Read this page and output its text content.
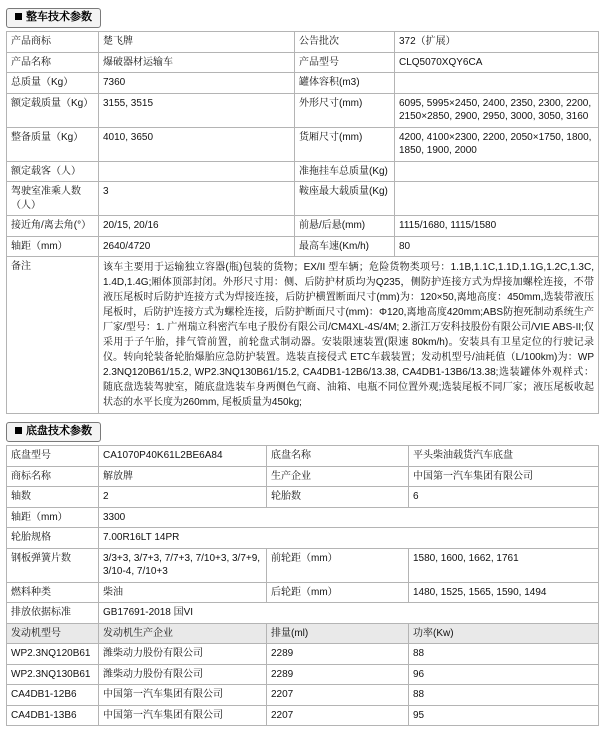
整车技术参数
产品商标	楚飞牌	公告批次	372（扩展）
产品名称	爆破器材运输车	产品型号	CLQ5070XQY6CA
总质量（Kg）	7360	罐体容积(m3)	
额定载质量（Kg）	3155, 3515	外形尺寸(mm)	6095, 5995×2450, 2400, 2350, 2300, 2200, 2150×2850, 2900, 2950, 3000, 3050, 3160
整备质量（Kg）	4010, 3650	货厢尺寸(mm)	4200, 4100×2300, 2200, 2050×1750, 1800, 1850, 1900, 2000
额定载客（人）		准拖挂车总质量(Kg)	
驾驶室准乘人数（人）	3	鞍座最大载质量(Kg)	
接近角/离去角(°）	20/15, 20/16	前悬/后悬(mm)	1115/1680, 1115/1580
轴距（mm）	2640/4720	最高车速(Km/h)	80
备注	该车主要用于运输独立容器(瓶)包装的货物；EX/II 型车辆；危险货物类项号：1.1B,1.1C,1.1D,1.1G,1.2C,1.3C,1.4D,1.4G;厢体顶部封闭。外形尺寸用：侧、后防护材质均为Q235，侧防护连接方式为焊接加螺栓连接，不带液压尾板时后防护连接方式为焊接连接，后防护横置断面尺寸(mm)为：120×50,离地高度：450mm,选装带液压尾板时，后防护连接方式为螺栓连接，后防护断面尺寸(mm)：Φ120,离地高度420mm;ABS防抱死制动系统生产厂家/型号：1. 广州瑞立科密汽车电子股份有限公司/CM4XL-4S/4M; 2.浙江万安科技股份有限公司/VIE ABS-II;仅采用于子午胎，排气管前置，前轮盘式制动器。安装限速装置(限速 80km/h)。安装具有卫星定位的行驶记录仪。转向轮装备轮胎爆胎应急防护装置。选装直接侵式 ETC车载装置；发动机型号/油耗值（L/100km)为：WP2.3NQ120B61/15.2, WP2.3NQ130B61/15.2, CA4DB1-12B6/13.38, CA4DB1-13B6/13.38;选装罐体外观样式：随底盘选装驾驶室，随底盘选装车身两侧色气商、油箱、电瓶不同位置外观;选装尾板不同厂家；液压尾板收起状态的水平长度为260mm, 尾板质量为450kg;		
底盘技术参数
底盘型号	CA1070P40K61L2BE6A84	底盘名称	平头柴油载货汽车底盘
商标名称	解放牌	生产企业	中国第一汽车集团有限公司
轴数	2	轮胎数	6
轴距（mm）	3300		
轮胎规格	7.00R16LT 14PR		
钢板弹簧片数	3/3+3, 3/7+3, 7/7+3, 7/10+3, 3/7+9, 3/10-4, 7/10+3	前轮距（mm）	1580, 1600, 1662, 1761
燃料种类	柴油	后轮距（mm）	1480, 1525, 1565, 1590, 1494
排放依据标准	GB17691-2018 国VI		
发动机型号	发动机生产企业	排量(ml)	功率(Kw)
WP2.3NQ120B61	潍柴动力股份有限公司	2289	88
WP2.3NQ130B61	潍柴动力股份有限公司	2289	96
CA4DB1-12B6	中国第一汽车集团有限公司	2207	88
CA4DB1-13B6	中国第一汽车集团有限公司	2207	95
